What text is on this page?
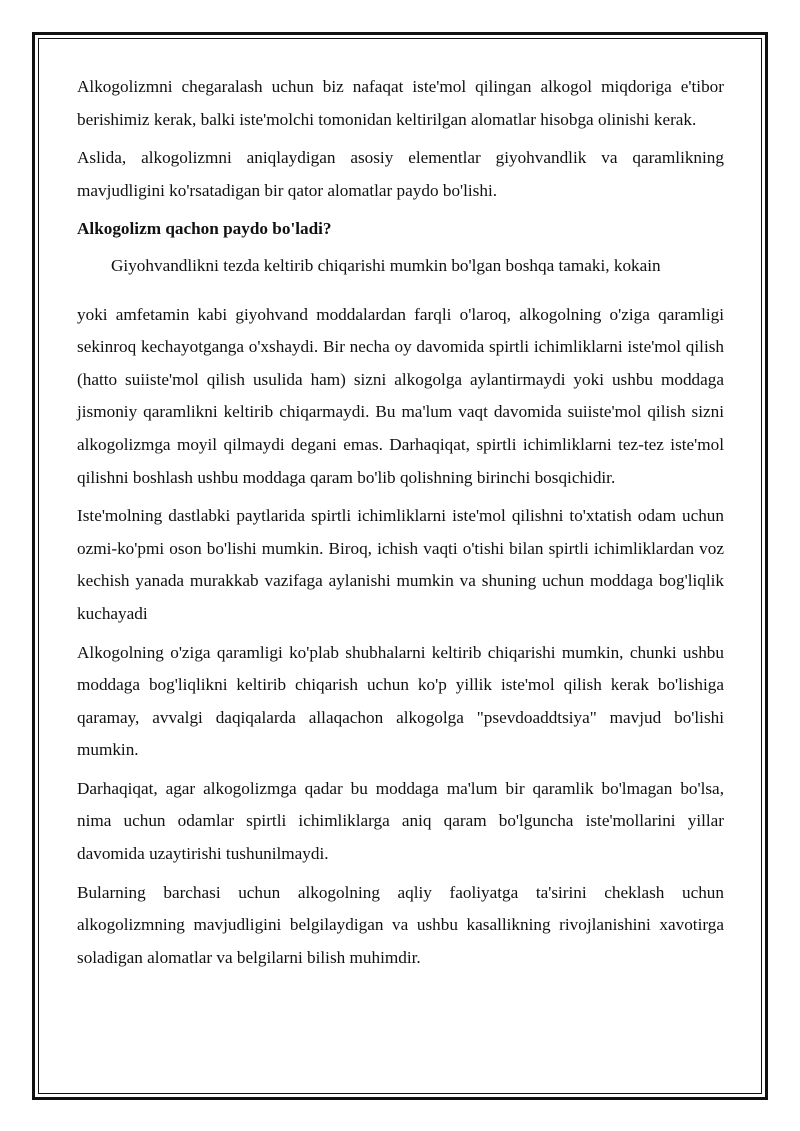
Alkogolizmni chegaralash uchun biz nafaqat iste'mol qilingan alkogol miqdoriga e'tibor berishimiz kerak, balki iste'molchi tomonidan keltirilgan alomatlar hisobga olinishi kerak.

Aslida, alkogolizmni aniqlaydigan asosiy elementlar giyohvandlik va qaramlikning mavjudligini ko'rsatadigan bir qator alomatlar paydo bo'lishi.

Alkogolizm qachon paydo bo'ladi?

Giyohvandlikni tezda keltirib chiqarishi mumkin bo'lgan boshqa tamaki, kokain

yoki amfetamin kabi giyohvand moddalardan farqli o'laroq, alkogolning o'ziga qaramligi sekinroq kechayotganga o'xshaydi. Bir necha oy davomida spirtli ichimliklarni iste'mol qilish (hatto suiiste'mol qilish usulida ham) sizni alkogolga aylantirmaydi yoki ushbu moddaga jismoniy qaramlikni keltirib chiqarmaydi. Bu ma'lum vaqt davomida suiiste'mol qilish sizni alkogolizmga moyil qilmaydi degani emas. Darhaqiqat, spirtli ichimliklarni tez-tez iste'mol qilishni boshlash ushbu moddaga qaram bo'lib qolishning birinchi bosqichidir.

Iste'molning dastlabki paytlarida spirtli ichimliklarni iste'mol qilishni to'xtatish odam uchun ozmi-ko'pmi oson bo'lishi mumkin. Biroq, ichish vaqti o'tishi bilan spirtli ichimliklardan voz kechish yanada murakkab vazifaga aylanishi mumkin va shuning uchun moddaga bog'liqlik kuchayadi

Alkogolning o'ziga qaramligi ko'plab shubhalarni keltirib chiqarishi mumkin, chunki ushbu moddaga bog'liqlikni keltirib chiqarish uchun ko'p yillik iste'mol qilish kerak bo'lishiga qaramay, avvalgi daqiqalarda allaqachon alkogolga "psevdoaddtsiya" mavjud bo'lishi mumkin.

Darhaqiqat, agar alkogolizmga qadar bu moddaga ma'lum bir qaramlik bo'lmagan bo'lsa, nima uchun odamlar spirtli ichimliklarga aniq qaram bo'lguncha iste'mollarini yillar davomida uzaytirishi tushunilmaydi.

Bularning barchasi uchun alkogolning aqliy faoliyatga ta'sirini cheklash uchun alkogolizmning mavjudligini belgilaydigan va ushbu kasallikning rivojlanishini xavotirga soladigan alomatlar va belgilarni bilish muhimdir.
